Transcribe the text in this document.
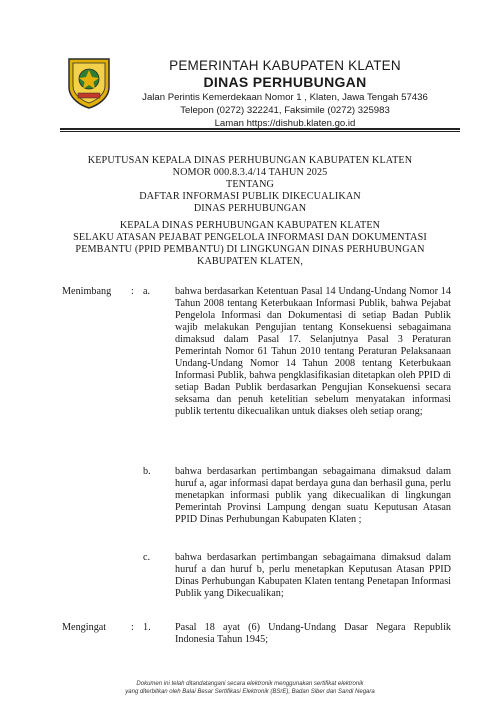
PEMERINTAH KABUPATEN KLATEN
DINAS PERHUBUNGAN
Jalan Perintis Kemerdekaan Nomor 1 , Klaten, Jawa Tengah 57436
Telepon (0272) 322241, Faksimile (0272) 325983
Laman https://dishub.klaten.go.id
KEPUTUSAN KEPALA DINAS PERHUBUNGAN KABUPATEN KLATEN
NOMOR 000.8.3.4/14 TAHUN 2025
TENTANG
DAFTAR INFORMASI PUBLIK DIKECUALIKAN
DINAS PERHUBUNGAN
KEPALA DINAS PERHUBUNGAN KABUPATEN KLATEN
SELAKU ATASAN PEJABAT PENGELOLA INFORMASI DAN DOKUMENTASI
PEMBANTU (PPID PEMBANTU) DI LINGKUNGAN DINAS PERHUBUNGAN
KABUPATEN KLATEN,
Menimbang : a. bahwa berdasarkan Ketentuan Pasal 14 Undang-Undang Nomor 14 Tahun 2008 tentang Keterbukaan Informasi Publik, bahwa Pejabat Pengelola Informasi dan Dokumentasi di setiap Badan Publik wajib melakukan Pengujian tentang Konsekuensi sebagaimana dimaksud dalam Pasal 17. Selanjutnya Pasal 3 Peraturan Pemerintah Nomor 61 Tahun 2010 tentang Peraturan Pelaksanaan Undang-Undang Nomor 14 Tahun 2008 tentang Keterbukaan Informasi Publik, bahwa pengklasifikasian ditetapkan oleh PPID di setiap Badan Publik berdasarkan Pengujian Konsekuensi secara seksama dan penuh ketelitian sebelum menyatakan informasi publik tertentu dikecualikan untuk diakses oleh setiap orang;
b. bahwa berdasarkan pertimbangan sebagaimana dimaksud dalam huruf a, agar informasi dapat berdaya guna dan berhasil guna, perlu menetapkan informasi publik yang dikecualikan di lingkungan Pemerintah Provinsi Lampung dengan suatu Keputusan Atasan PPID Dinas Perhubungan Kabupaten Klaten ;
c. bahwa berdasarkan pertimbangan sebagaimana dimaksud dalam huruf a dan huruf b, perlu menetapkan Keputusan Atasan PPID Dinas Perhubungan Kabupaten Klaten tentang Penetapan Informasi Publik yang Dikecualikan;
Mengingat : 1. Pasal 18 ayat (6) Undang-Undang Dasar Negara Republik Indonesia Tahun 1945;
Dokumen ini telah ditandatangani secara elektronik menggunakan sertifikat elektronik
yang diterbitkan oleh Balai Besar Sertifikasi Elektronik (BSrE), Badan Siber dan Sandi Negara
